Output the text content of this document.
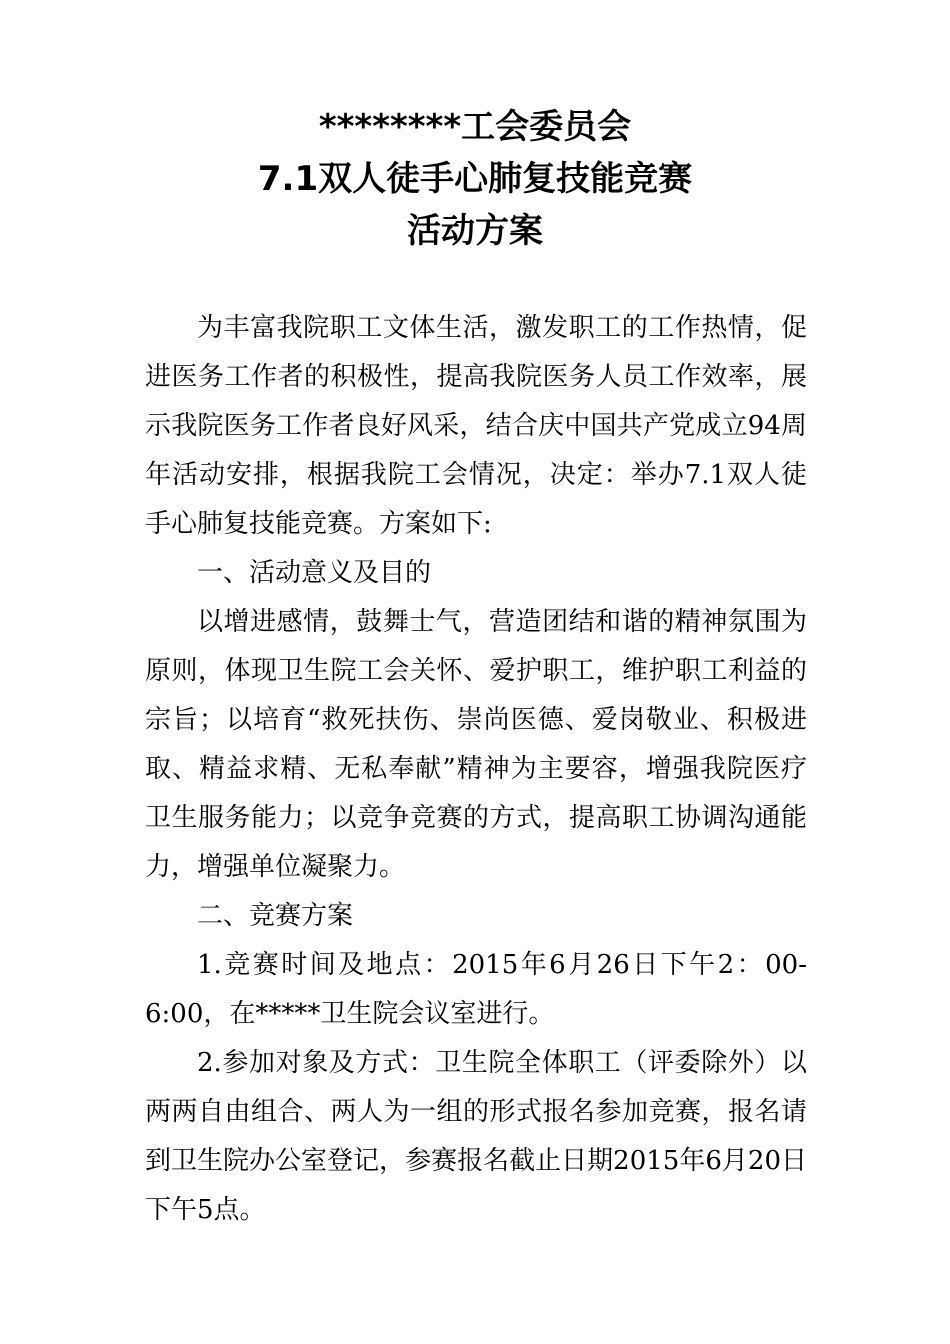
********工会委员会
7.1双人徒手心肺复技能竞赛
活动方案

为丰富我院职工文体生活，激发职工的工作热情，促进医务工作者的积极性，提高我院医务人员工作效率，展示我院医务工作者良好风采，结合庆中国共产党成立94周年活动安排，根据我院工会情况，决定：举办7.1双人徒手心肺复技能竞赛。方案如下:

一、活动意义及目的

以增进感情，鼓舞士气，营造团结和谐的精神氛围为原则，体现卫生院工会关怀、爱护职工，维护职工利益的宗旨；以培育“救死扶伤、崇尚医德、爱岗敬业、积极进取、精益求精、无私奉献”精神为主要容，增强我院医疗卫生服务能力；以竞争竞赛的方式，提高职工协调沟通能力，增强单位凝聚力。

二、竞赛方案

1.竞赛时间及地点：2015年6月26日下午2：00-6:00，在*****卫生院会议室进行。

2.参加对象及方式：卫生院全体职工（评委除外）以两两自由组合、两人为一组的形式报名参加竞赛，报名请到卫生院办公室登记，参赛报名截止日期2015年6月20日下午5点。
